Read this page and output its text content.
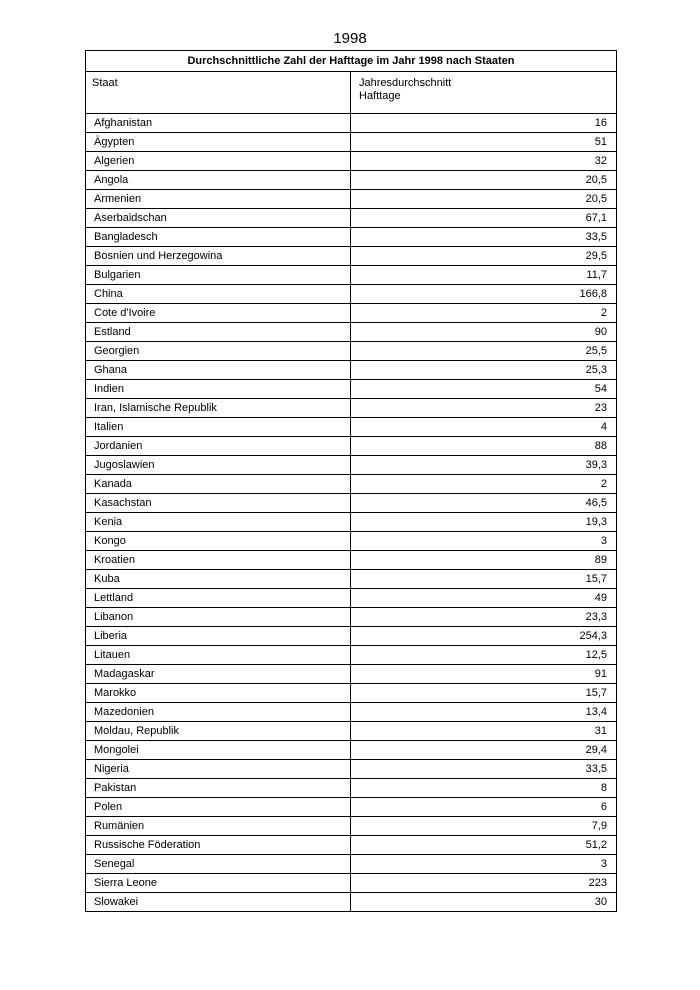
1998
Durchschnittliche Zahl der Hafttage im Jahr 1998 nach Staaten	
Staat	Jahresdurchschnitt
Hafttage
Afghanistan	16
Ägypten	51
Algerien	32
Angola	20,5
Armenien	20,5
Aserbaidschan	67,1
Bangladesch	33,5
Bosnien und Herzegowina	29,5
Bulgarien	11,7
China	166,8
Cote d'Ivoire	2
Estland	90
Georgien	25,5
Ghana	25,3
Indien	54
Iran, Islamische Republik	23
Italien	4
Jordanien	88
Jugoslawien	39,3
Kanada	2
Kasachstan	46,5
Kenia	19,3
Kongo	3
Kroatien	89
Kuba	15,7
Lettland	49
Libanon	23,3
Liberia	254,3
Litauen	12,5
Madagaskar	91
Marokko	15,7
Mazedonien	13,4
Moldau, Republik	31
Mongolei	29,4
Nigeria	33,5
Pakistan	8
Polen	6
Rumänien	7,9
Russische Föderation	51,2
Senegal	3
Sierra Leone	223
Slowakei	30
